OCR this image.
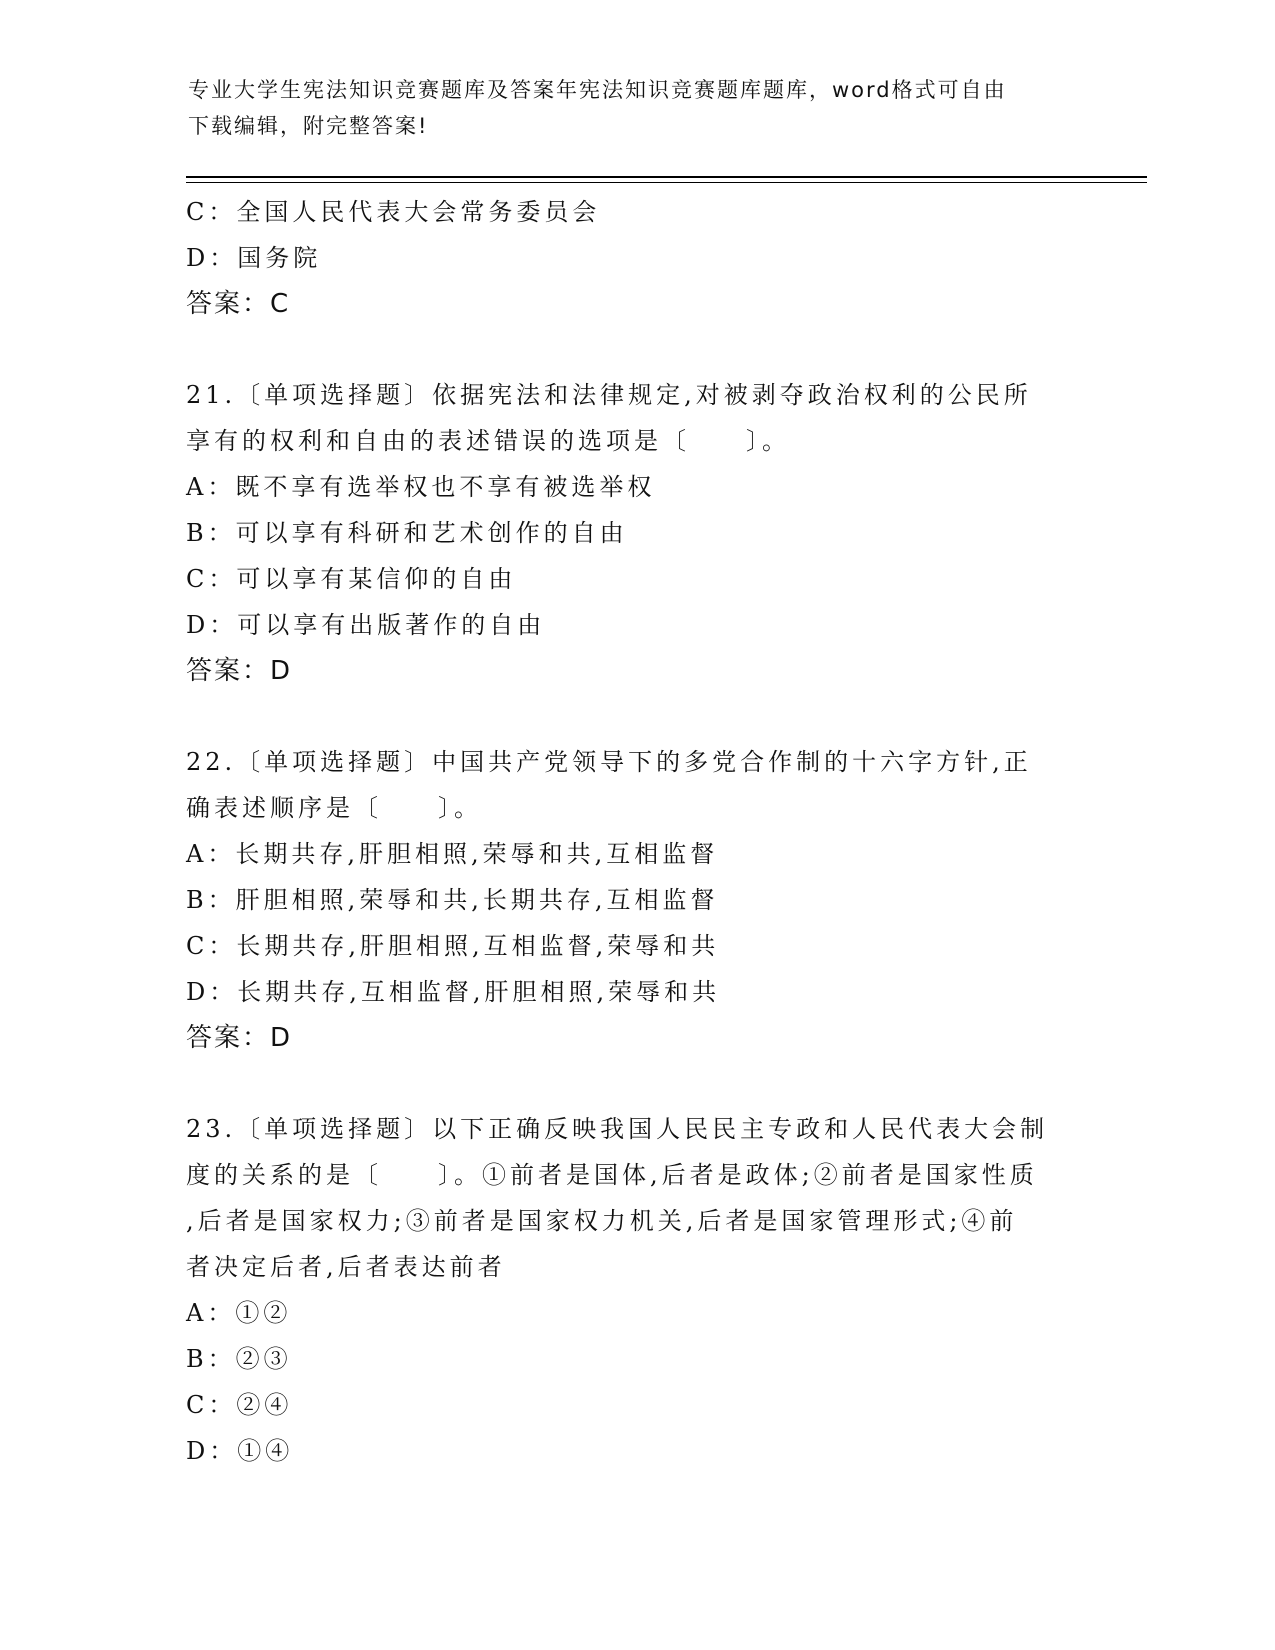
专业大学生宪法知识竞赛题库及答案年宪法知识竞赛题库题库，word格式可自由
下载编辑，附完整答案!
C：全国人民代表大会常务委员会
D：国务院
答案：C
21.〔单项选择题〕依据宪法和法律规定,对被剥夺政治权利的公民所
享有的权利和自由的表述错误的选项是〔　　〕。
A：既不享有选举权也不享有被选举权
B：可以享有科研和艺术创作的自由
C：可以享有某信仰的自由
D：可以享有出版著作的自由
答案：D
22.〔单项选择题〕中国共产党领导下的多党合作制的十六字方针,正
确表述顺序是〔　　〕。
A：长期共存,肝胆相照,荣辱和共,互相监督
B：肝胆相照,荣辱和共,长期共存,互相监督
C：长期共存,肝胆相照,互相监督,荣辱和共
D：长期共存,互相监督,肝胆相照,荣辱和共
答案：D
23.〔单项选择题〕以下正确反映我国人民民主专政和人民代表大会制
度的关系的是〔　　〕。①前者是国体,后者是政体;②前者是国家性质
,后者是国家权力;③前者是国家权力机关,后者是国家管理形式;④前
者决定后者,后者表达前者
A：①②
B：②③
C：②④
D：①④
